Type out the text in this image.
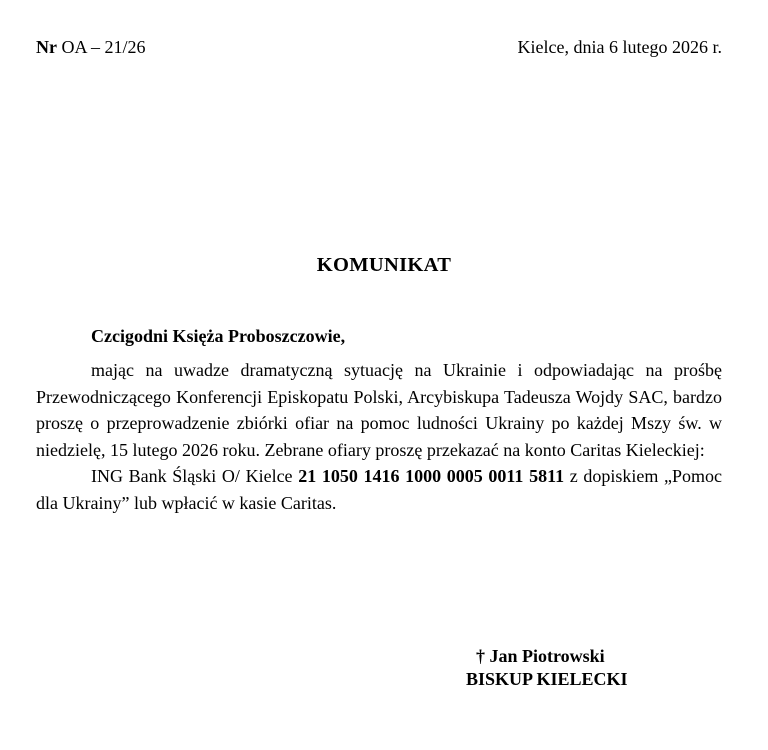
Nr OA – 21/26	Kielce, dnia 6 lutego 2026 r.
KOMUNIKAT
Czcigodni Księża Proboszczowie,

mając na uwadze dramatyczną sytuację na Ukrainie i odpowiadając na prośbę Przewodniczącego Konferencji Episkopatu Polski, Arcybiskupa Tadeusza Wojdy SAC, bardzo proszę o przeprowadzenie zbiórki ofiar na pomoc ludności Ukrainy po każdej Mszy św. w niedzielę, 15 lutego 2026 roku. Zebrane ofiary proszę przekazać na konto Caritas Kieleckiej:

ING Bank Śląski O/ Kielce 21 1050 1416 1000 0005 0011 5811 z dopiskiem „Pomoc dla Ukrainy” lub wpłacić w kasie Caritas.

† Jan Piotrowski
BISKUP KIELECKI
